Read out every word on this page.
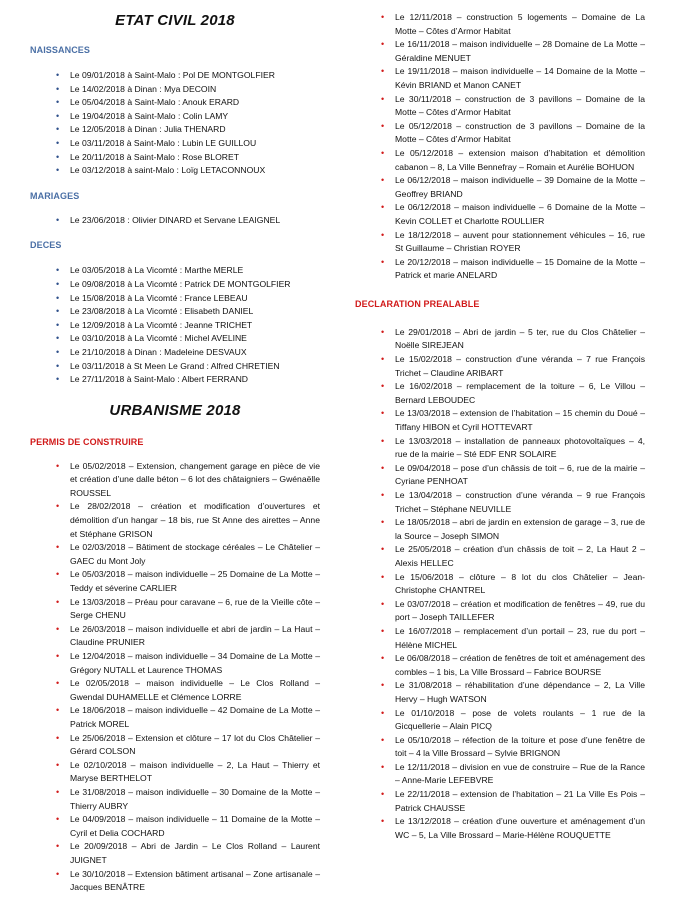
ETAT CIVIL 2018
NAISSANCES
• Le 09/01/2018 à Saint-Malo : Pol DE MONTGOLFIER
• Le 14/02/2018 à Dinan : Mya DECOIN
• Le 05/04/2018 à Saint-Malo : Anouk ERARD
• Le 19/04/2018 à Saint-Malo : Colin LAMY
• Le 12/05/2018 à Dinan : Julia THENARD
• Le 03/11/2018 à Saint-Malo : Lubin LE GUILLOU
• Le 20/11/2018 à Saint-Malo : Rose BLORET
• Le 03/12/2018 à saint-Malo : Loïg LETACONNOUX
MARIAGES
• Le 23/06/2018 : Olivier DINARD et Servane LEAIGNEL
DECES
• Le 03/05/2018 à La Vicomté : Marthe MERLE
• Le 09/08/2018 à La Vicomté : Patrick DE MONTGOLFIER
• Le 15/08/2018 à La Vicomté : France LEBEAU
• Le 23/08/2018 à La Vicomté : Elisabeth DANIEL
• Le 12/09/2018 à La Vicomté : Jeanne TRICHET
• Le 03/10/2018 à La Vicomté : Michel AVELINE
• Le 21/10/2018 à Dinan : Madeleine DESVAUX
• Le 03/11/2018 à St Meen Le Grand : Alfred CHRETIEN
• Le 27/11/2018 à Saint-Malo : Albert FERRAND
URBANISME 2018
PERMIS DE CONSTRUIRE
• Le 05/02/2018 – Extension, changement garage en pièce de vie et création d’une dalle béton – 6 lot des châtaigniers – Gwénaëlle ROUSSEL
• Le 28/02/2018 – création et modification d’ouvertures et démolition d’un hangar – 18 bis, rue St Anne des airettes – Anne et Stéphane GRISON
• Le 02/03/2018 – Bâtiment de stockage céréales – Le Châtelier – GAEC du Mont Joly
• Le 05/03/2018 – maison individuelle – 25 Domaine de La Motte – Teddy et séverine CARLIER
• Le 13/03/2018 – Préau pour caravane – 6, rue de la Vieille côte – Serge CHENU
• Le 26/03/2018 – maison individuelle et abri de jardin – La Haut – Claudine PRUNIER
• Le 12/04/2018 – maison individuelle – 34 Domaine de La Motte – Grégory NUTALL et Laurence THOMAS
• Le 02/05/2018 – maison individuelle – Le Clos Rolland – Gwendal DUHAMELLE et Clémence LORRE
• Le 18/06/2018 – maison individuelle – 42 Domaine de La Motte – Patrick MOREL
• Le 25/06/2018 – Extension et clôture – 17 lot du Clos Châtelier – Gérard COLSON
• Le 02/10/2018 – maison individuelle – 2, La Haut – Thierry et Maryse BERTHELOT
• Le 31/08/2018 – maison individuelle – 30 Domaine de la Motte – Thierry AUBRY
• Le 04/09/2018 – maison individuelle – 11 Domaine de la Motte – Cyril et Delia COCHARD
• Le 20/09/2018 – Abri de Jardin – Le Clos Rolland – Laurent JUIGNET
• Le 30/10/2018 – Extension bâtiment artisanal – Zone artisanale – Jacques BENÂTRE
• Le 12/11/2018 – construction 5 logements – Domaine de La Motte – Côtes d’Armor Habitat
• Le 16/11/2018 – maison individuelle – 28 Domaine de La Motte – Géraldine MENUET
• Le 19/11/2018 – maison individuelle – 14 Domaine de la Motte – Kévin BRIAND et Manon CANET
• Le 30/11/2018 – construction de 3 pavillons – Domaine de la Motte – Côtes d’Armor Habitat
• Le 05/12/2018 – construction de 3 pavillons – Domaine de la Motte – Côtes d’Armor Habitat
• Le 05/12/2018 – extension maison d’habitation et démolition cabanon – 8, La Ville Bennefray – Romain et Aurélie BOHUON
• Le 06/12/2018 – maison individuelle – 39 Domaine de la Motte – Geoffrey BRIAND
• Le 06/12/2018 – maison individuelle – 6 Domaine de la Motte – Kevin COLLET et Charlotte ROULLIER
• Le 18/12/2018 – auvent pour stationnement véhicules – 16, rue St Guillaume – Christian ROYER
• Le 20/12/2018 – maison individuelle – 15 Domaine de la Motte – Patrick et marie ANELARD
DECLARATION PREALABLE
• Le 29/01/2018 – Abri de jardin – 5 ter, rue du Clos Châtelier – Noëlle SIREJEAN
• Le 15/02/2018 – construction d’une véranda – 7 rue François Trichet – Claudine ARIBART
• Le 16/02/2018 – remplacement de la toiture – 6, Le Villou – Bernard LEBOUDEC
• Le 13/03/2018 – extension de l’habitation – 15 chemin du Doué – Tiffany HIBON et Cyril HOTTEVART
• Le 13/03/2018 – installation de panneaux photovoltaïques – 4, rue de la mairie – Sté EDF ENR SOLAIRE
• Le 09/04/2018 – pose d’un châssis de toit – 6, rue de la mairie – Cyriane PENHOAT
• Le 13/04/2018 – construction d’une véranda – 9 rue François Trichet – Stéphane NEUVILLE
• Le 18/05/2018 – abri de jardin en extension de garage – 3, rue de la Source – Joseph SIMON
• Le 25/05/2018 – création d’un châssis de toit – 2, La Haut 2 – Alexis HELLEC
• Le 15/06/2018 – clôture – 8 lot du clos Châtelier – Jean-Christophe CHANTREL
• Le 03/07/2018 – création et modification de fenêtres – 49, rue du port – Joseph TAILLEFER
• Le 16/07/2018 – remplacement d’un portail – 23, rue du port – Hélène MICHEL
• Le 06/08/2018 – création de fenêtres de toit et aménagement des combles – 1 bis, La Ville Brossard – Fabrice BOURSE
• Le 31/08/2018 – réhabilitation d’une dépendance – 2, La Ville Hervy – Hugh WATSON
• Le 01/10/2018 – pose de volets roulants – 1 rue de la Gicquellerie – Alain PICQ
• Le 05/10/2018 – réfection de la toiture et pose d’une fenêtre de toit – 4 la Ville Brossard – Sylvie BRIGNON
• Le 12/11/2018 – division en vue de construire – Rue de la Rance – Anne-Marie LEFEBVRE
• Le 22/11/2018 – extension de l’habitation – 21 La Ville Es Pois – Patrick CHAUSSE
• Le 13/12/2018 – création d’une ouverture et aménagement d’un WC – 5, La Ville Brossard – Marie-Hélène ROUQUETTE
